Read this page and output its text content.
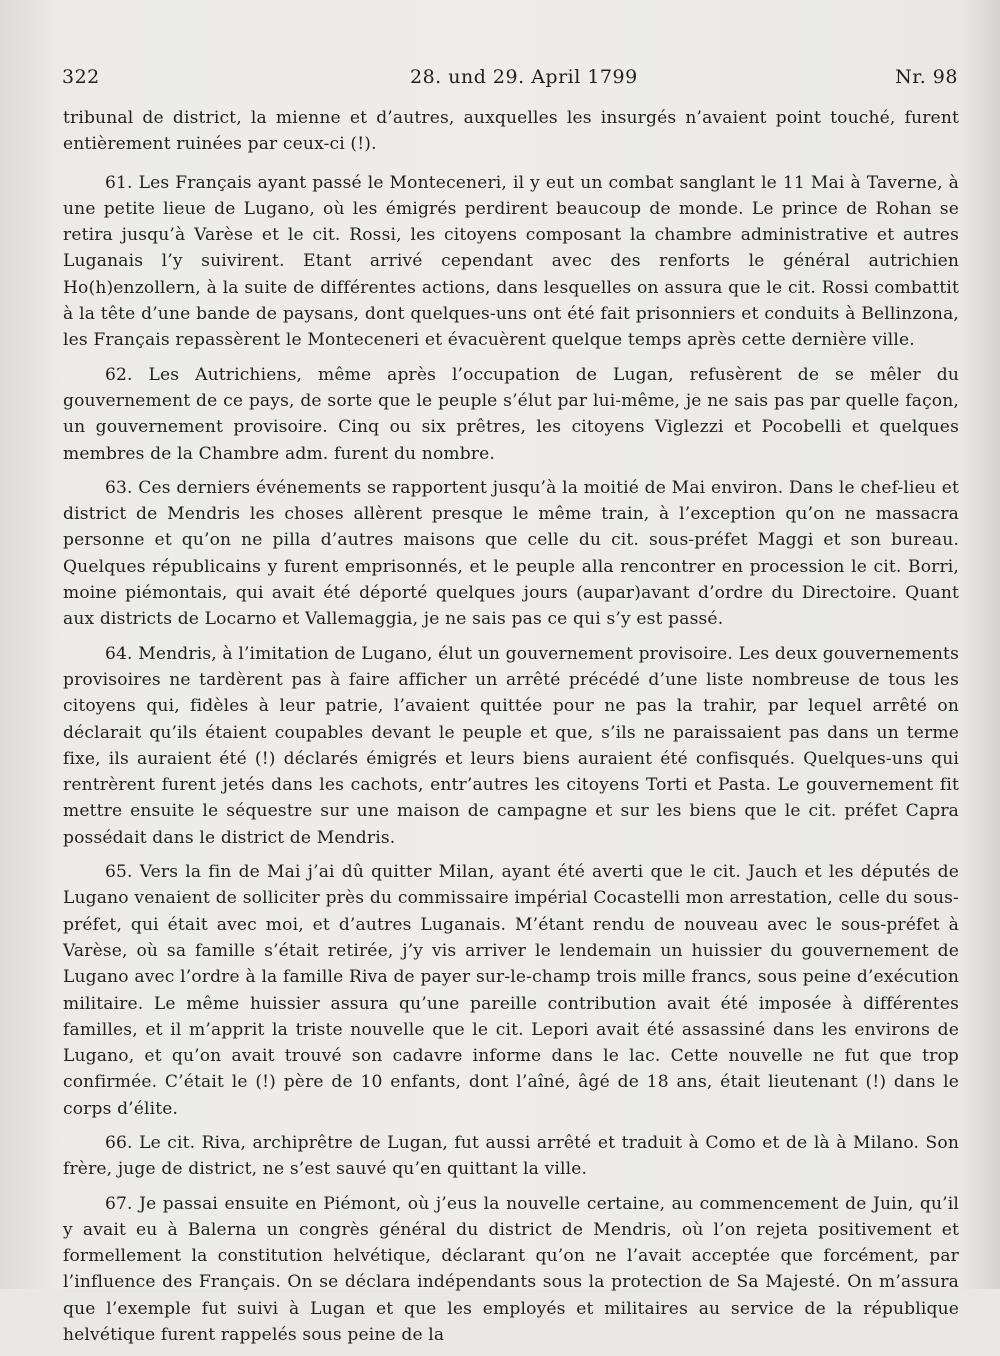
322	28. und 29. April 1799	Nr. 98

tribunal de district, la mienne et d’autres, auxquelles les insurgés n’avaient point touché, furent entièrement ruinées par ceux-ci (!).

61. Les Français ayant passé le Monteceneri, il y eut un combat sanglant le 11 Mai à Taverne, à une petite lieue de Lugano, où les émigrés perdirent beaucoup de monde. Le prince de Rohan se retira jusqu’à Varèse et le cit. Rossi, les citoyens composant la chambre administrative et autres Luganais l’y suivirent. Etant arrivé cependant avec des renforts le général autrichien Ho(h)enzollern, à la suite de différentes actions, dans lesquelles on assura que le cit. Rossi combattit à la tête d’une bande de paysans, dont quelques-uns ont été fait prisonniers et conduits à Bellinzona, les Français repassèrent le Monteceneri et évacuèrent quelque temps après cette dernière ville.

62. Les Autrichiens, même après l’occupation de Lugan, refusèrent de se mêler du gouvernement de ce pays, de sorte que le peuple s’élut par lui-même, je ne sais pas par quelle façon, un gouvernement provisoire. Cinq ou six prêtres, les citoyens Viglezzi et Pocobelli et quelques membres de la Chambre adm. furent du nombre.

63. Ces derniers événements se rapportent jusqu’à la moitié de Mai environ. Dans le chef-lieu et district de Mendris les choses allèrent presque le même train, à l’exception qu’on ne massacra personne et qu’on ne pilla d’autres maisons que celle du cit. sous-préfet Maggi et son bureau. Quelques républicains y furent emprisonnés, et le peuple alla rencontrer en procession le cit. Borri, moine piémontais, qui avait été déporté quelques jours (aupar)avant d’ordre du Directoire. Quant aux districts de Locarno et Vallemaggia, je ne sais pas ce qui s’y est passé.

64. Mendris, à l’imitation de Lugano, élut un gouvernement provisoire. Les deux gouvernements provisoires ne tardèrent pas à faire afficher un arrêté précédé d’une liste nombreuse de tous les citoyens qui, fidèles à leur patrie, l’avaient quittée pour ne pas la trahir, par lequel arrêté on déclarait qu’ils étaient coupables devant le peuple et que, s’ils ne paraissaient pas dans un terme fixe, ils auraient été (!) déclarés émigrés et leurs biens auraient été confisqués. Quelques-uns qui rentrèrent furent jetés dans les cachots, entr’autres les citoyens Torti et Pasta. Le gouvernement fit mettre ensuite le séquestre sur une maison de campagne et sur les biens que le cit. préfet Capra possédait dans le district de Mendris.

65. Vers la fin de Mai j’ai dû quitter Milan, ayant été averti que le cit. Jauch et les députés de Lugano venaient de solliciter près du commissaire impérial Cocastelli mon arrestation, celle du sous-préfet, qui était avec moi, et d’autres Luganais. M’étant rendu de nouveau avec le sous-préfet à Varèse, où sa famille s’était retirée, j’y vis arriver le lendemain un huissier du gouvernement de Lugano avec l’ordre à la famille Riva de payer sur-le-champ trois mille francs, sous peine d’exécution militaire. Le même huissier assura qu’une pareille contribution avait été imposée à différentes familles, et il m’apprit la triste nouvelle que le cit. Lepori avait été assassiné dans les environs de Lugano, et qu’on avait trouvé son cadavre informe dans le lac. Cette nouvelle ne fut que trop confirmée. C’était le (!) père de 10 enfants, dont l’aîné, âgé de 18 ans, était lieutenant (!) dans le corps d’élite.

66. Le cit. Riva, archiprêtre de Lugan, fut aussi arrêté et traduit à Como et de là à Milano. Son frère, juge de district, ne s’est sauvé qu’en quittant la ville.

67. Je passai ensuite en Piémont, où j’eus la nouvelle certaine, au commencement de Juin, qu’il y avait eu à Balerna un congrès général du district de Mendris, où l’on rejeta positivement et formellement la constitution helvétique, déclarant qu’on ne l’avait acceptée que forcément, par l’influence des Français. On se déclara indépendants sous la protection de Sa Majesté. On m’assura que l’exemple fut suivi à Lugan et que les employés et militaires au service de la république helvétique furent rappelés sous peine de la
